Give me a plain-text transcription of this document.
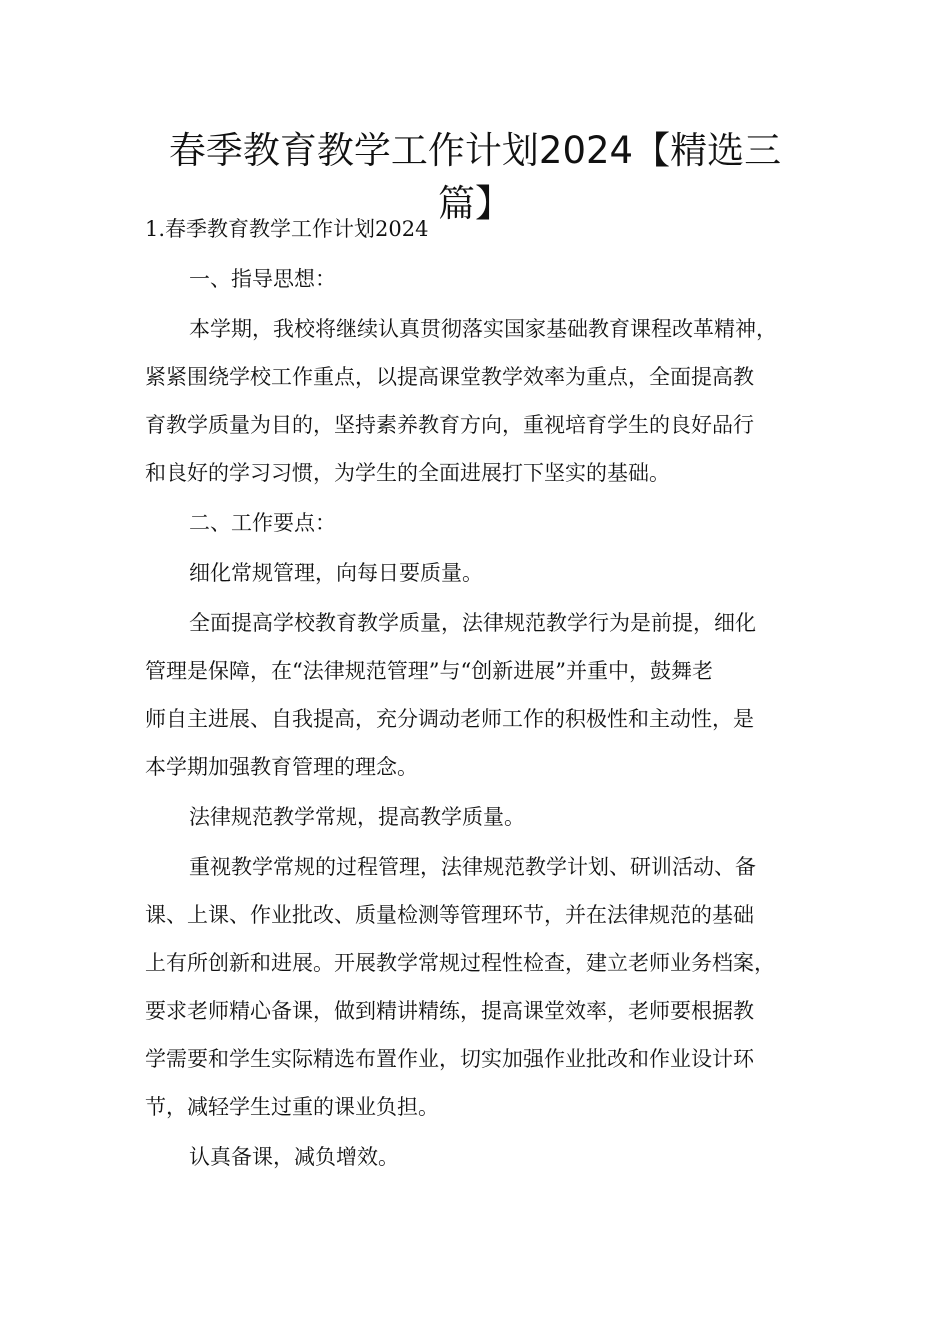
春季教育教学工作计划2024【精选三
篇】
1.春季教育教学工作计划2024
一、指导思想：
本学期，我校将继续认真贯彻落实国家基础教育课程改革精神，
紧紧围绕学校工作重点，以提高课堂教学效率为重点，全面提高教
育教学质量为目的，坚持素养教育方向，重视培育学生的良好品行
和良好的学习习惯，为学生的全面进展打下坚实的基础。
二、工作要点：
细化常规管理，向每日要质量。
全面提高学校教育教学质量，法律规范教学行为是前提，细化
管理是保障，在“法律规范管理”与“创新进展”并重中，鼓舞老
师自主进展、自我提高，充分调动老师工作的积极性和主动性，是
本学期加强教育管理的理念。
法律规范教学常规，提高教学质量。
重视教学常规的过程管理，法律规范教学计划、研训活动、备
课、上课、作业批改、质量检测等管理环节，并在法律规范的基础
上有所创新和进展。开展教学常规过程性检查，建立老师业务档案，
要求老师精心备课，做到精讲精练，提高课堂效率，老师要根据教
学需要和学生实际精选布置作业，切实加强作业批改和作业设计环
节，减轻学生过重的课业负担。
认真备课，减负增效。
